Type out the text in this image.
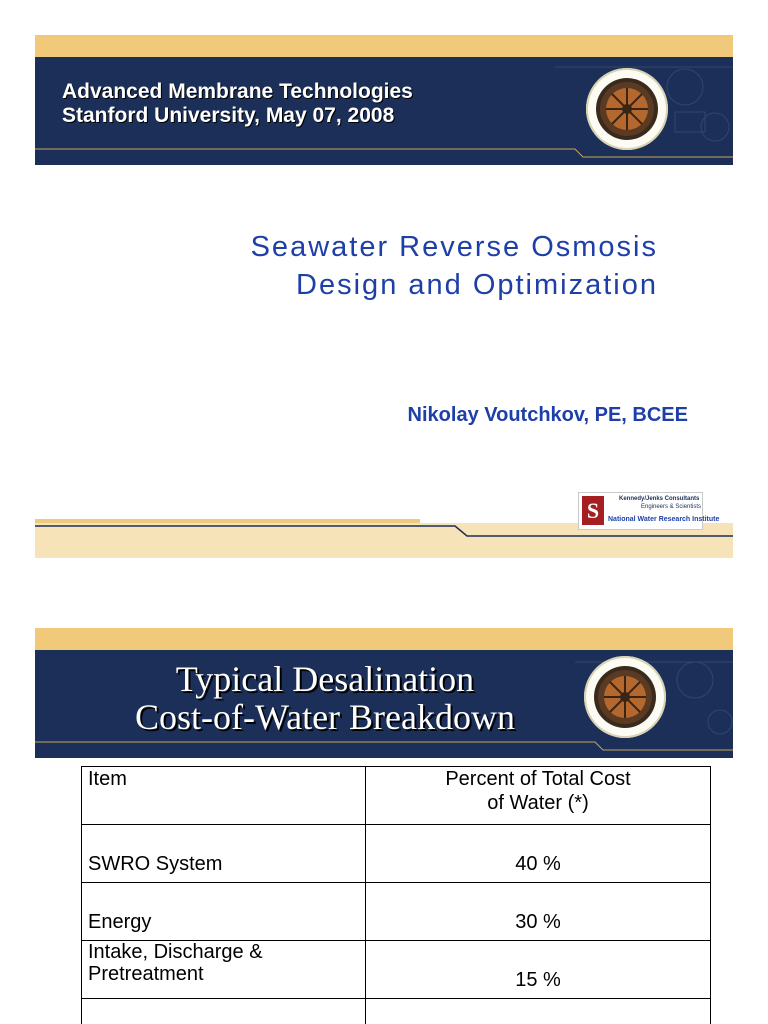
Advanced Membrane Technologies
Stanford University, May 07, 2008
Seawater Reverse Osmosis
Design and Optimization
Nikolay Voutchkov, PE, BCEE
S	Kennedy/Jenks Consultants
Engineers & Scientists
National Water Research Institute
Typical Desalination
Cost-of-Water Breakdown
Item	Percent of Total Cost
of Water (*)
SWRO System	40 %
Energy	30 %
Intake, Discharge &
Pretreatment	15 %
